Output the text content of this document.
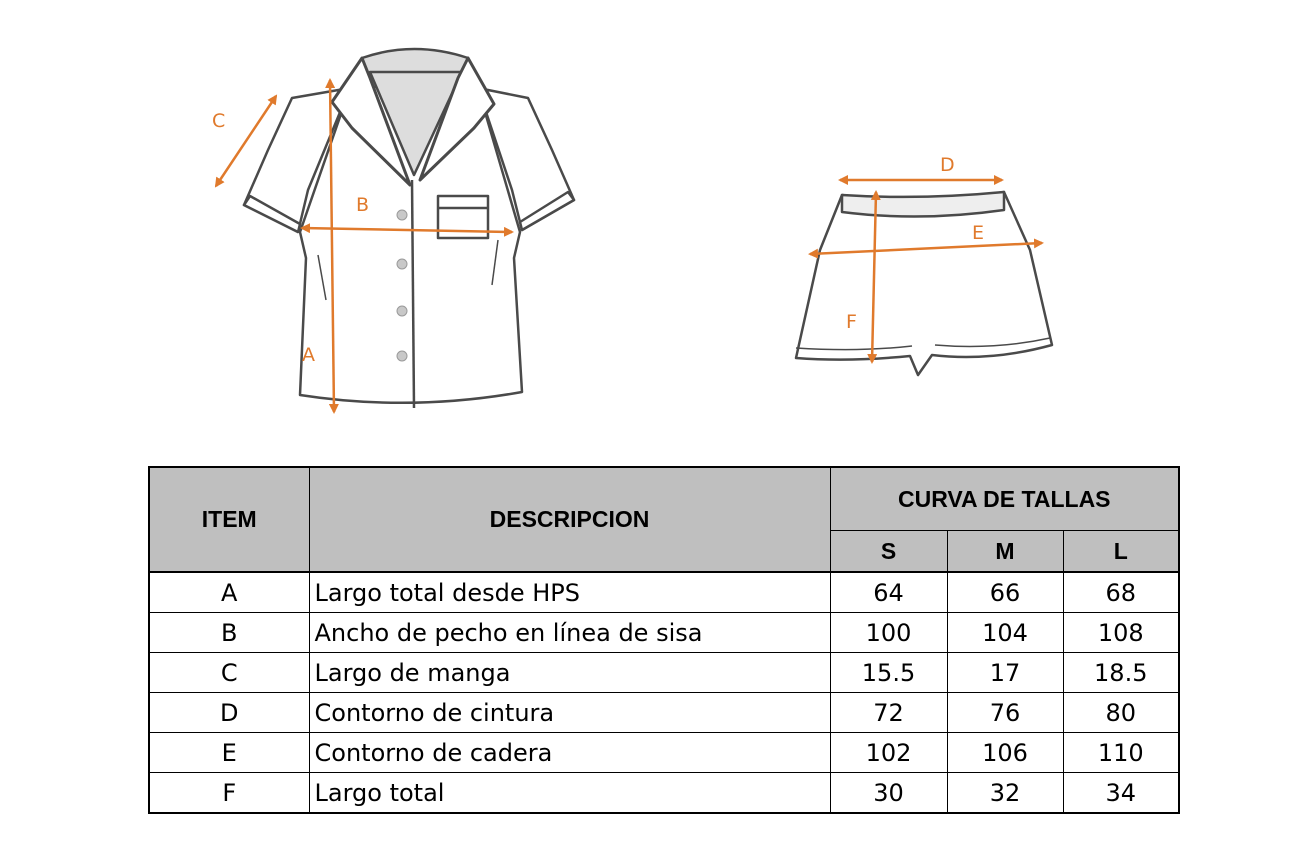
C
B
A
D
E
F
ITEM	DESCRIPCION	CURVA DE TALLAS		
		S	M	L
A	Largo total desde HPS	64	66	68
B	Ancho de pecho en línea de sisa	100	104	108
C	Largo de manga	15.5	17	18.5
D	Contorno de cintura	72	76	80
E	Contorno de cadera	102	106	110
F	Largo total	30	32	34
